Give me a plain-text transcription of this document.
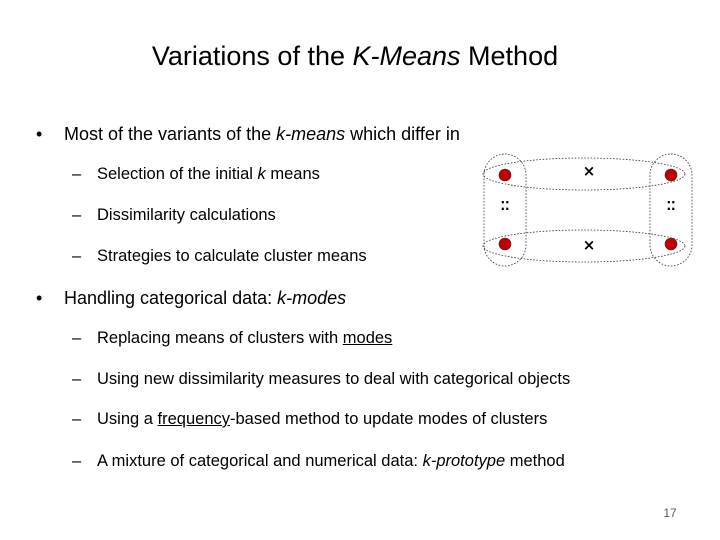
Variations of the K-Means Method
• Most of the variants of the k-means which differ in
– Selection of the initial k means
– Dissimilarity calculations
– Strategies to calculate cluster means
• Handling categorical data: k-modes
– Replacing means of clusters with modes
– Using new dissimilarity measures to deal with categorical objects
– Using a frequency-based method to update modes of clusters
– A mixture of categorical and numerical data: k-prototype method
×
×
⁚⁚	⁚⁚
17
